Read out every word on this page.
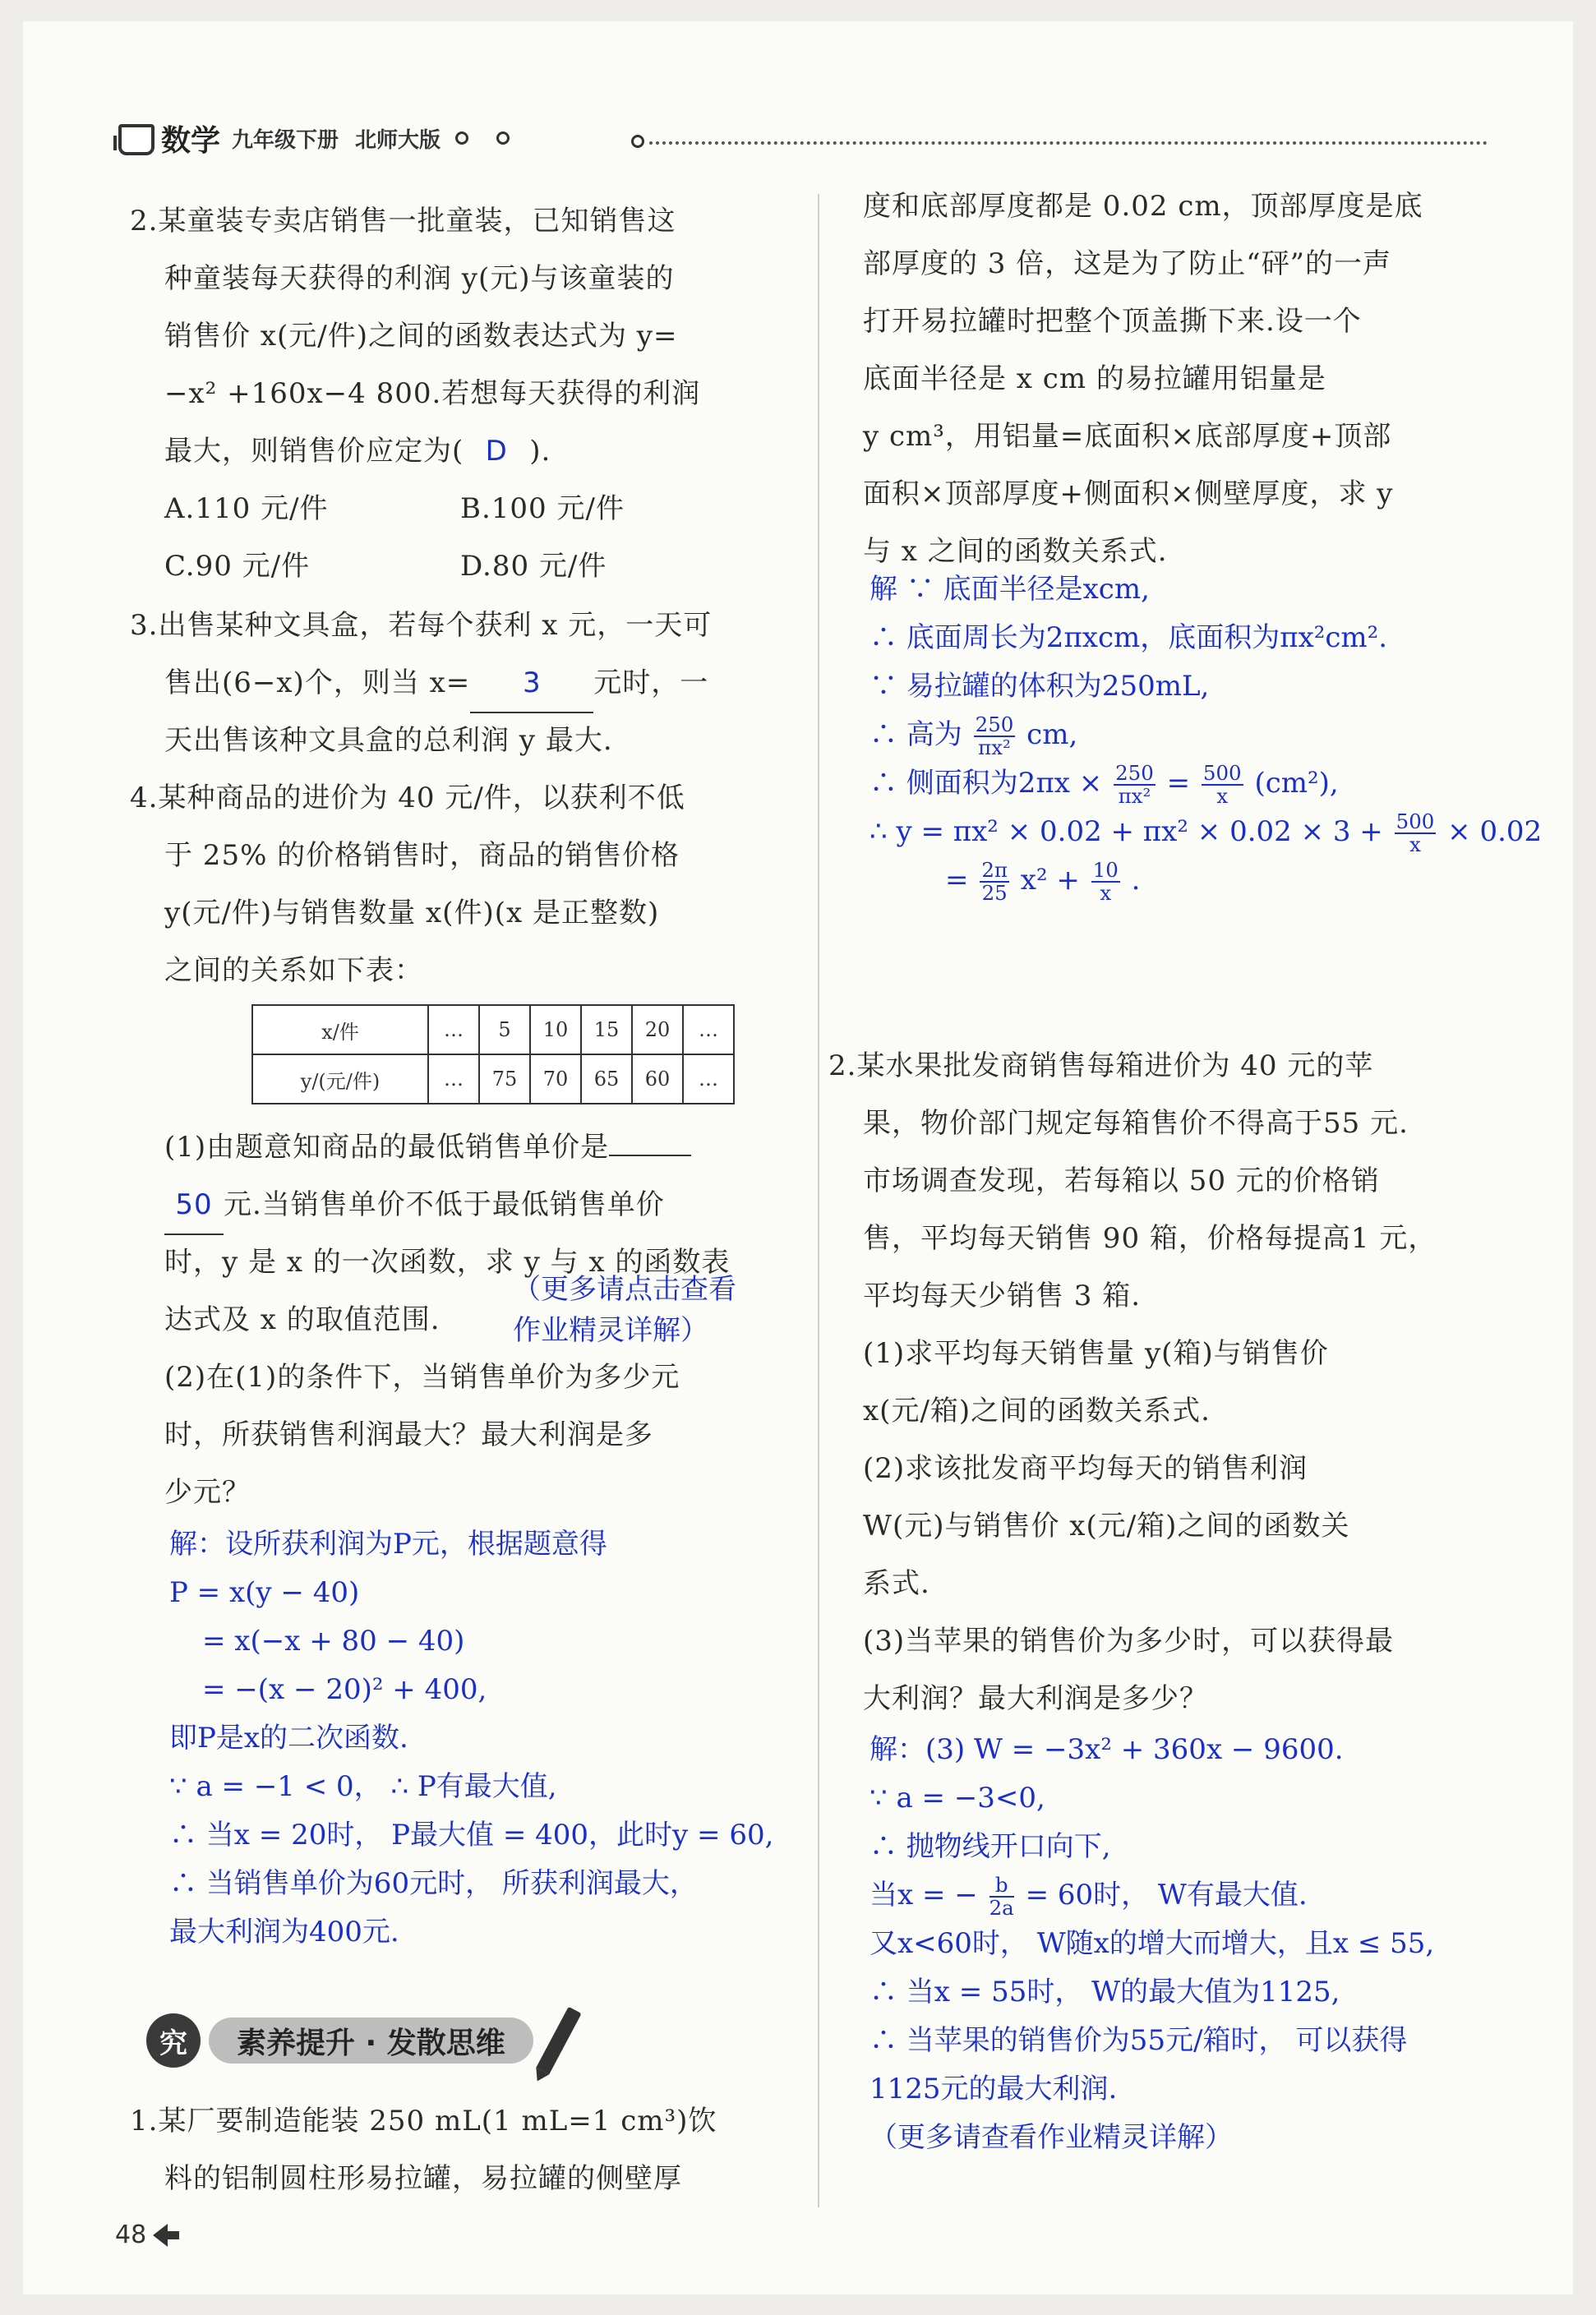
数学 九年级下册 北师大版
2.某童装专卖店销售一批童装，已知销售这
种童装每天获得的利润 y(元)与该童装的
销售价 x(元/件)之间的函数表达式为 y=
−x² +160x−4 800.若想每天获得的利润
最大，则销售价应定为( D ).
A.110 元/件	B.100 元/件
C.90 元/件	D.80 元/件
3.出售某种文具盒，若每个获利 x 元，一天可
售出(6−x)个，则当 x= 3 元时，一
天出售该种文具盒的总利润 y 最大.
4.某种商品的进价为 40 元/件，以获利不低
于 25% 的价格销售时，商品的销售价格
y(元/件)与销售数量 x(件)(x 是正整数)
之间的关系如下表：
x/件	…	5	10	15	20	…
y/(元/件)	…	75	70	65	60	…
(1)由题意知商品的最低销售单价是
50 元.当销售单价不低于最低销售单价
时，y 是 x 的一次函数，求 y 与 x 的函数表
达式及 x 的取值范围.
(2)在(1)的条件下，当销售单价为多少元
时，所获销售利润最大？最大利润是多
少元？
（更多请点击查看
作业精灵详解）
解：设所获利润为P元，根据题意得
P = x(y − 40)
= x(−x + 80 − 40)
= −(x − 20)² + 400,
即P是x的二次函数.
∵ a = −1 < 0， ∴ P有最大值,
∴ 当x = 20时， P最大值 = 400，此时y = 60,
∴ 当销售单价为60元时， 所获利润最大，
最大利润为400元.
究	素养提升 · 发散思维
1.某厂要制造能装 250 mL(1 mL=1 cm³)饮
料的铝制圆柱形易拉罐，易拉罐的侧壁厚
度和底部厚度都是 0.02 cm，顶部厚度是底
部厚度的 3 倍，这是为了防止“砰”的一声
打开易拉罐时把整个顶盖撕下来.设一个
底面半径是 x cm 的易拉罐用铝量是
y cm³，用铝量=底面积×底部厚度+顶部
面积×顶部厚度+侧面积×侧壁厚度，求 y
与 x 之间的函数关系式.
解 ∵ 底面半径是xcm,
∴ 底面周长为2πxcm，底面积为πx²cm².
∵ 易拉罐的体积为250mL,
∴ 高为 $\frac{250}{\text{πx²}}$ cm,
∴ 侧面积为$2\pi x \times \frac{250}{\text{πx²}} = \frac{500}{x} (cm^2)$,
∴ $y = \pi x^2 \times 0.02 + \pi x^2 \times 0.02 \times 3 + \frac{500}{x} \times 0.02$
= $\frac{2\pi}{25} x^2 + \frac{10}{x}$ .
2.某水果批发商销售每箱进价为 40 元的苹
果，物价部门规定每箱售价不得高于55 元.
市场调查发现，若每箱以 50 元的价格销
售，平均每天销售 90 箱，价格每提高1 元，
平均每天少销售 3 箱.
(1)求平均每天销售量 y(箱)与销售价
x(元/箱)之间的函数关系式.
(2)求该批发商平均每天的销售利润
W(元)与销售价 x(元/箱)之间的函数关
系式.
(3)当苹果的销售价为多少时，可以获得最
大利润？最大利润是多少？
解：(3) W = −3x² + 360x − 9600.
∵ a = −3<0,
∴ 抛物线开口向下,
当x = − $\frac{b}{2a} = 60$时， W有最大值.
又x<60时， W随x的增大而增大，且x ≤ 55,
∴ 当x = 55时， W的最大值为1125,
∴ 当苹果的销售价为55元/箱时， 可以获得
1125元的最大利润.
（更多请查看作业精灵详解）
48
